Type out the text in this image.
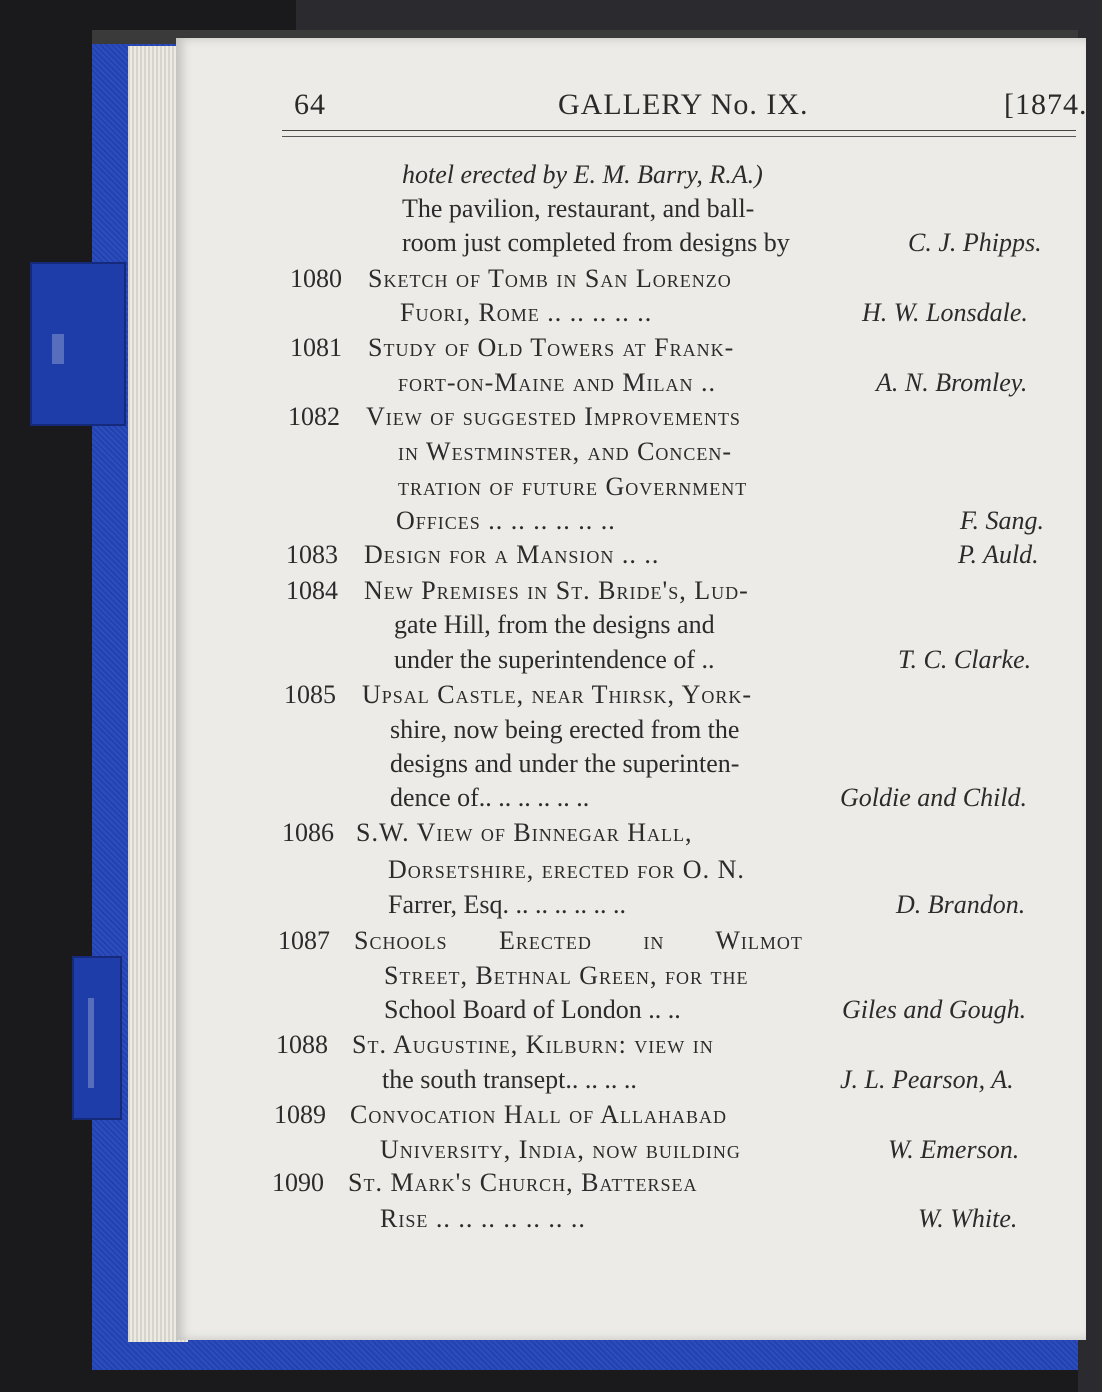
64	GALLERY No. IX.	[1874.
hotel erected by E. M. Barry, R.A.)
The pavilion, restaurant, and ball-
room just completed from designs by	C. J. Phipps.
1080 Sketch of Tomb in San Lorenzo
Fuori, Rome .. .. .. .. ..	H. W. Lonsdale.
1081 Study of Old Towers at Frank-
fort-on-Maine and Milan ..	A. N. Bromley.
1082 View of suggested Improvements
in Westminster, and Concen-
tration of future Government
Offices .. .. .. .. .. ..	F. Sang.
1083 Design for a Mansion .. ..	P. Auld.
1084 New Premises in St. Bride's, Lud-
gate Hill, from the designs and
under the superintendence of ..	T. C. Clarke.
1085 Upsal Castle, near Thirsk, York-
shire, now being erected from the
designs and under the superinten-
dence of.. .. .. .. .. ..	Goldie and Child.
1086 S.W. View of Binnegar Hall,
Dorsetshire, erected for O. N.
Farrer, Esq. .. .. .. .. .. ..	D. Brandon.
1087 Schools Erected in Wilmot
Street, Bethnal Green, for the
School Board of London .. ..	Giles and Gough.
1088 St. Augustine, Kilburn: view in
the south transept.. .. .. ..	J. L. Pearson, A.
1089 Convocation Hall of Allahabad
University, India, now building	W. Emerson.
1090 St. Mark's Church, Battersea
Rise .. .. .. .. .. .. ..	W. White.
